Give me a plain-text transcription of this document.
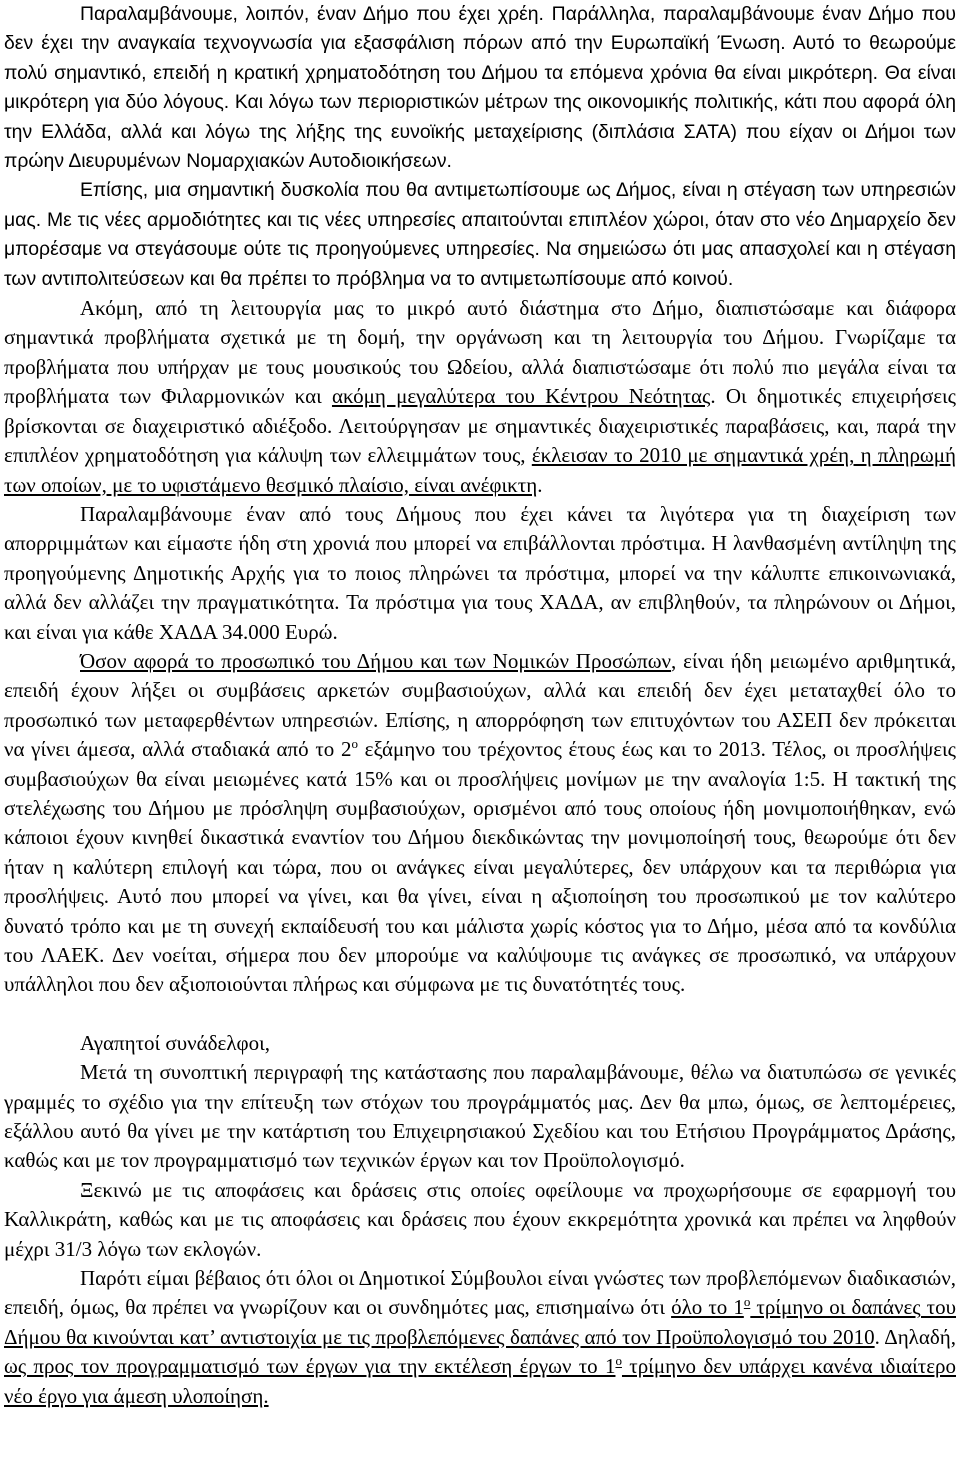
Παραλαμβάνουμε, λοιπόν, έναν Δήμο που έχει χρέη. Παράλληλα, παραλαμβάνουμε έναν Δήμο που δεν έχει την αναγκαία τεχνογνωσία για εξασφάλιση πόρων από την Ευρωπαϊκή Ένωση. Αυτό το θεωρούμε πολύ σημαντικό, επειδή η κρατική χρηματοδότηση του Δήμου τα επόμενα χρόνια θα είναι μικρότερη. Θα είναι μικρότερη για δύο λόγους. Και λόγω των περιοριστικών μέτρων της οικονομικής πολιτικής, κάτι που αφορά όλη την Ελλάδα, αλλά και λόγω της λήξης της ευνοϊκής μεταχείρισης (διπλάσια ΣΑΤΑ) που είχαν οι Δήμοι των πρώην Διευρυμένων Νομαρχιακών Αυτοδιοικήσεων.

Επίσης, μια σημαντική δυσκολία που θα αντιμετωπίσουμε ως Δήμος, είναι η στέγαση των υπηρεσιών μας. Με τις νέες αρμοδιότητες και τις νέες υπηρεσίες απαιτούνται επιπλέον χώροι, όταν στο νέο Δημαρχείο δεν μπορέσαμε να στεγάσουμε ούτε τις προηγούμενες υπηρεσίες. Να σημειώσω ότι μας απασχολεί και η στέγαση των αντιπολιτεύσεων και θα πρέπει το πρόβλημα να το αντιμετωπίσουμε από κοινού.

Ακόμη, από τη λειτουργία μας το μικρό αυτό διάστημα στο Δήμο, διαπιστώσαμε και διάφορα σημαντικά προβλήματα σχετικά με τη δομή, την οργάνωση και τη λειτουργία του Δήμου. Γνωρίζαμε τα προβλήματα που υπήρχαν με τους μουσικούς του Ωδείου, αλλά διαπιστώσαμε ότι πολύ πιο μεγάλα είναι τα προβλήματα των Φιλαρμονικών και ακόμη μεγαλύτερα του Κέντρου Νεότητας. Οι δημοτικές επιχειρήσεις βρίσκονται σε διαχειριστικό αδιέξοδο. Λειτούργησαν με σημαντικές διαχειριστικές παραβάσεις, και, παρά την επιπλέον χρηματοδότηση για κάλυψη των ελλειμμάτων τους, έκλεισαν το 2010 με σημαντικά χρέη, η πληρωμή των οποίων, με το υφιστάμενο θεσμικό πλαίσιο, είναι ανέφικτη.

Παραλαμβάνουμε έναν από τους Δήμους που έχει κάνει τα λιγότερα για τη διαχείριση των απορριμμάτων και είμαστε ήδη στη χρονιά που μπορεί να επιβάλλονται πρόστιμα. Η λανθασμένη αντίληψη της προηγούμενης Δημοτικής Αρχής για το ποιος πληρώνει τα πρόστιμα, μπορεί να την κάλυπτε επικοινωνιακά, αλλά δεν αλλάζει την πραγματικότητα. Τα πρόστιμα για τους ΧΑΔΑ, αν επιβληθούν, τα πληρώνουν οι Δήμοι, και είναι για κάθε ΧΑΔΑ 34.000 Ευρώ.

Όσον αφορά το προσωπικό του Δήμου και των Νομικών Προσώπων, είναι ήδη μειωμένο αριθμητικά, επειδή έχουν λήξει οι συμβάσεις αρκετών συμβασιούχων, αλλά και επειδή δεν έχει μεταταχθεί όλο το προσωπικό των μεταφερθέντων υπηρεσιών. Επίσης, η απορρόφηση των επιτυχόντων του ΑΣΕΠ δεν πρόκειται να γίνει άμεσα, αλλά σταδιακά από το $2^o$ εξάμηνο του τρέχοντος έτους έως και το 2013. Τέλος, οι προσλήψεις συμβασιούχων θα είναι μειωμένες κατά 15% και οι προσλήψεις μονίμων με την αναλογία 1:5. Η τακτική της στελέχωσης του Δήμου με πρόσληψη συμβασιούχων, ορισμένοι από τους οποίους ήδη μονιμοποιήθηκαν, ενώ κάποιοι έχουν κινηθεί δικαστικά εναντίον του Δήμου διεκδικώντας την μονιμοποίησή τους, θεωρούμε ότι δεν ήταν η καλύτερη επιλογή και τώρα, που οι ανάγκες είναι μεγαλύτερες, δεν υπάρχουν και τα περιθώρια για προσλήψεις. Αυτό που μπορεί να γίνει, και θα γίνει, είναι η αξιοποίηση του προσωπικού με τον καλύτερο δυνατό τρόπο και με τη συνεχή εκπαίδευσή του και μάλιστα χωρίς κόστος για το Δήμο, μέσα από τα κονδύλια του ΛΑΕΚ. Δεν νοείται, σήμερα που δεν μπορούμε να καλύψουμε τις ανάγκες σε προσωπικό, να υπάρχουν υπάλληλοι που δεν αξιοποιούνται πλήρως και σύμφωνα με τις δυνατότητές τους.

Αγαπητοί συνάδελφοι,

Μετά τη συνοπτική περιγραφή της κατάστασης που παραλαμβάνουμε, θέλω να διατυπώσω σε γενικές γραμμές το σχέδιο για την επίτευξη των στόχων του προγράμματός μας. Δεν θα μπω, όμως, σε λεπτομέρειες, εξάλλου αυτό θα γίνει με την κατάρτιση του Επιχειρησιακού Σχεδίου και του Ετήσιου Προγράμματος Δράσης, καθώς και με τον προγραμματισμό των τεχνικών έργων και τον Προϋπολογισμό.

Ξεκινώ με τις αποφάσεις και δράσεις στις οποίες οφείλουμε να προχωρήσουμε σε εφαρμογή του Καλλικράτη, καθώς και με τις αποφάσεις και δράσεις που έχουν εκκρεμότητα χρονικά και πρέπει να ληφθούν μέχρι 31/3 λόγω των εκλογών.

Παρότι είμαι βέβαιος ότι όλοι οι Δημοτικοί Σύμβουλοι είναι γνώστες των προβλεπόμενων διαδικασιών, επειδή, όμως, θα πρέπει να γνωρίζουν και οι συνδημότες μας, επισημαίνω ότι όλο το $1^o$ τρίμηνο οι δαπάνες του Δήμου θα κινούνται κατ’ αντιστοιχία με τις προβλεπόμενες δαπάνες από τον Προϋπολογισμό του 2010. Δηλαδή, ως προς τον προγραμματισμό των έργων για την εκτέλεση έργων το $1^o$ τρίμηνο δεν υπάρχει κανένα ιδιαίτερο νέο έργο για άμεση υλοποίηση.
